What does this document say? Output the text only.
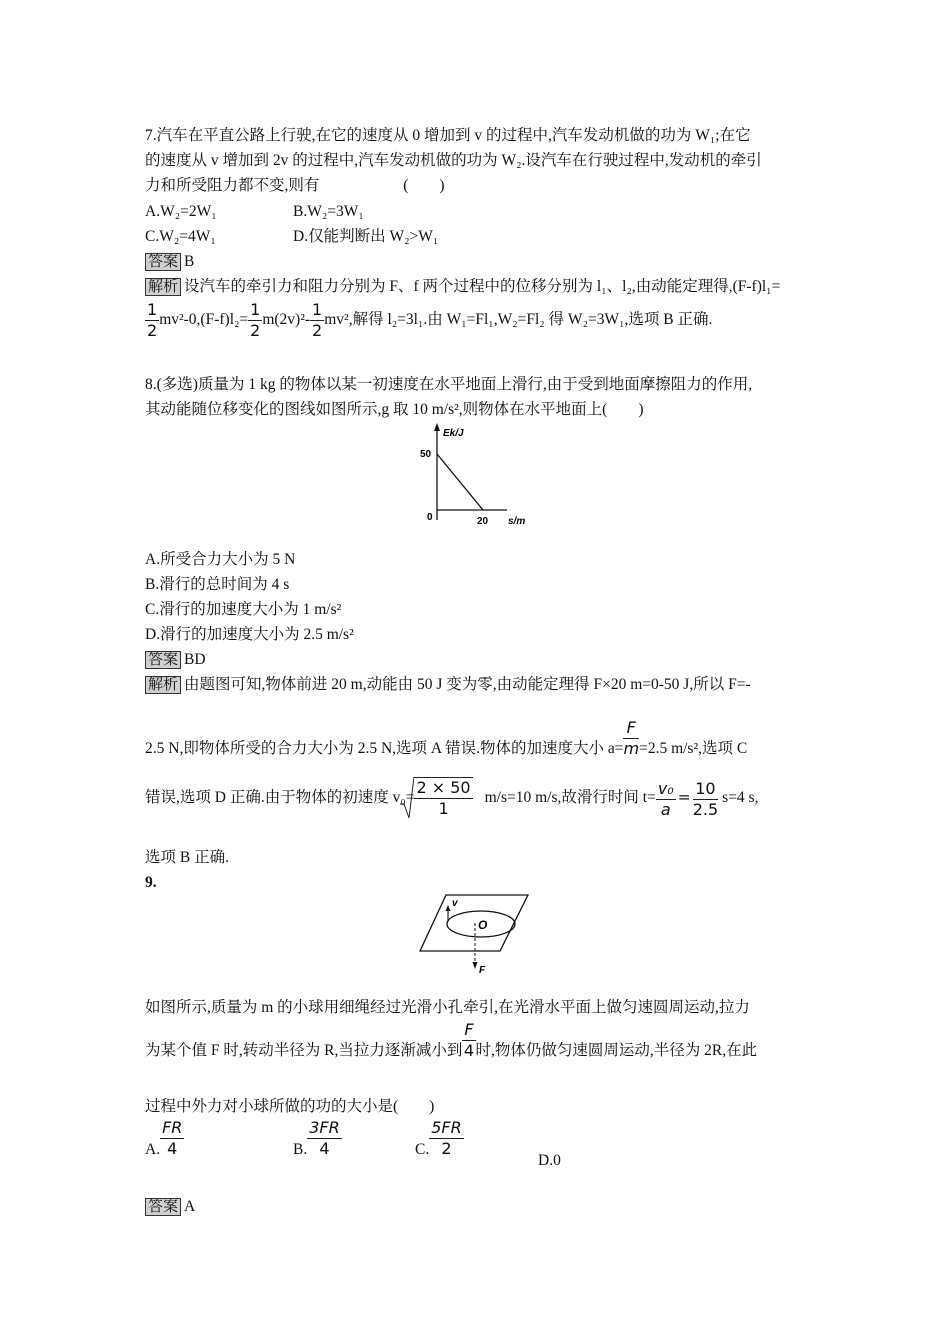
7.汽车在平直公路上行驶,在它的速度从 0 增加到 v 的过程中,汽车发动机做的功为 W₁;在它
的速度从 v 增加到 2v 的过程中,汽车发动机做的功为 W₂.设汽车在行驶过程中,发动机的牵引
力和所受阻力都不变,则有	(　　)
A.W₂=2W₁	B.W₂=3W₁
C.W₂=4W₁	D.仅能判断出 W₂>W₁
答案 B
解析 设汽车的牵引力和阻力分别为 F、f 两个过程中的位移分别为 l₁、l₂,由动能定理得,(F-f)l₁=
$\frac{1}{2} mv^2-0,(F-f)l_2= \frac{1}{2} m(2v)^2- \frac{1}{2} mv^2$,解得 l₂=3l₁.由 W₁=Fl₁,W₂=Fl₂ 得 W₂=3W₁,选项 B 正确.
8.(多选)质量为 1 kg 的物体以某一初速度在水平地面上滑行,由于受到地面摩擦阻力的作用,
其动能随位移变化的图线如图所示,g 取 10 m/s²,则物体在水平地面上(　　)
Ek/J
50
0	20 s/m
A.所受合力大小为 5 N
B.滑行的总时间为 4 s
C.滑行的加速度大小为 1 m/s²
D.滑行的加速度大小为 2.5 m/s²
答案 BD
解析 由题图可知,物体前进 20 m,动能由 50 J 变为零,由动能定理得 F×20 m=0-50 J,所以 F=-
2.5 N,即物体所受的合力大小为 2.5 N,选项 A 错误.物体的加速度大小 $a= \frac{F}{m} =2.5$ m/s²,选项 C
错误,选项 D 正确.由于物体的初速度 $v_0= \frac{2 \times 50}{1} m/s=10$ m/s,故滑行时间 $t= \frac{\text{v₀}}{a} = \frac{10}{2.5} s=4$ s,
选项 B 正确.
9.
v
O
F
如图所示,质量为 m 的小球用细绳经过光滑小孔牵引,在光滑水平面上做匀速圆周运动,拉力
为某个值 F 时,转动半径为 R,当拉力逐渐减小到 $\frac{F}{4}$ 时,物体仍做匀速圆周运动,半径为 2R,在此
过程中外力对小球所做的功的大小是(　　)
A. $\frac{FR}{4}$	B. $\frac{3FR}{4}$	C. $\frac{5FR}{2}$
D.0
答案 A
